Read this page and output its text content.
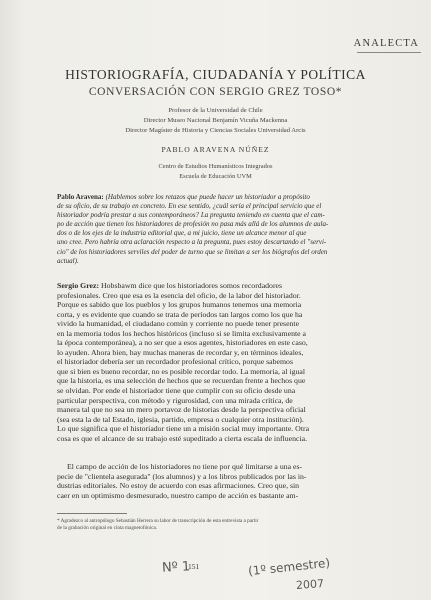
ANALECTA
HISTORIOGRAFÍA, CIUDADANÍA Y POLÍTICA
CONVERSACIÓN CON SERGIO GREZ TOSO*
Profesor de la Universidad de Chile
Director Museo Nacional Benjamín Vicuña Mackenna
Director Magíster de Historia y Ciencias Sociales Universidad Arcis
PABLO ARAVENA NÚÑEZ
Centro de Estudios Humanísticos Integrados
Escuela de Educación UVM
Pablo Aravena: (Hablemos sobre los retazos que puede hacer un historiador a propósito
de su oficio, de su trabajo en concreto. En ese sentido, ¿cuál sería el principal servicio que el
historiador podría prestar a sus contemporáneos? La pregunta teniendo en cuenta que el cam-
po de acción que tienen los historiadores de profesión no pasa más allá de los alumnos de aula-
dos o de los ejes de la industria editorial que, a mi juicio, tiene un alcance menor al que
uno cree. Pero habría otra aclaración respecto a la pregunta, pues estoy descartando el "servi-
cio" de los historiadores serviles del poder de turno que se limitan a ser los biógrafos del orden
actual).
Sergio Grez: Hobsbawm dice que los historiadores somos recordadores
profesionales. Creo que esa es la esencia del oficio, de la labor del historiador.
Porque es sabido que los pueblos y los grupos humanos tenemos una memoria
corta, y es evidente que cuando se trata de períodos tan largos como los que ha
vivido la humanidad, el ciudadano común y corriente no puede tener presente
en la memoria todos los hechos históricos (incluso si se limita exclusivamente a
la época contemporánea), a no ser que a esos agentes, historiadores en este caso,
lo ayuden. Ahora bien, hay muchas maneras de recordar y, en términos ideales,
el historiador debería ser un recordador profesional crítico, porque sabemos
que si bien es bueno recordar, no es posible recordar todo. La memoria, al igual
que la historia, es una selección de hechos que se recuerdan frente a hechos que
se olvidan. Por ende el historiador tiene que cumplir con su oficio desde una
particular perspectiva, con método y rigurosidad, con una mirada crítica, de
manera tal que no sea un mero portavoz de historias desde la perspectiva oficial
(sea esta la de tal Estado, iglesia, partido, empresa o cualquier otra institución).
Lo que significa que el historiador tiene un a misión social muy importante. Otra
cosa es que el alcance de su trabajo esté supeditado a cierta escala de influencia.
El campo de acción de los historiadores no tiene por qué limitarse a una es-
pecie de "clientela asegurada" (los alumnos) y a los libros publicados por las in-
dustrias editoriales. No estoy de acuerdo con esas afirmaciones. Creo que, sin
caer en un optimismo desmesurado, nuestro campo de acción es bastante am-
* Agradezco al antropólogo Sebastián Herrera su labor de transcripción de esta entrevista a partir
de la grabación original en cinta magnetofónica.
Nº 1
151	(1º semestre)
2007
